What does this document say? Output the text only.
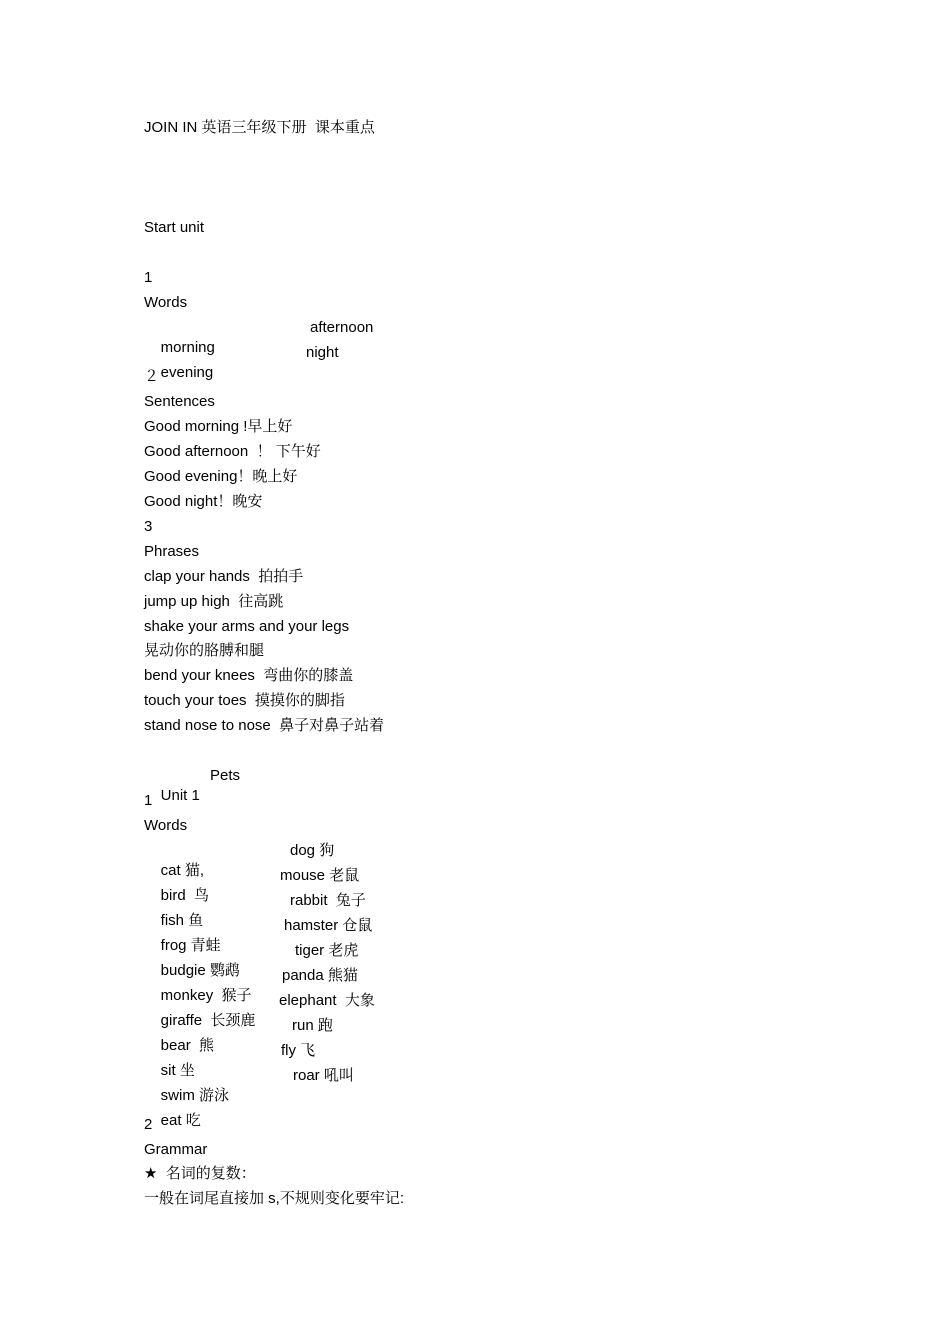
JOIN IN 英语三年级下册  课本重点
Start unit
1
Words

morning

afternoon

evening

night

２
Sentences
Good morning !早上好
Good afternoon  ！ 下午好
Good evening！晚上好
Good night！晚安
3
Phrases
clap your hands  拍拍手
jump up high  往高跳
shake your arms and your legs
晃动你的胳膊和腿
bend your knees  弯曲你的膝盖
touch your toes  摸摸你的脚指
stand nose to nose  鼻子对鼻子站着

Unit 1

Pets

1
Words

cat 猫,

dog 狗

bird  鸟

mouse 老鼠

fish 鱼

rabbit  兔子

frog 青蛙

hamster 仓鼠

budgie 鹦鹉

tiger 老虎

monkey  猴子

panda 熊猫

giraffe  长颈鹿

elephant  大象

bear  熊

run 跑

sit 坐

fly 飞

swim 游泳

roar 吼叫

eat 吃

2
Grammar
★  名词的复数：
一般在词尾直接加 s,不规则变化要牢记:
